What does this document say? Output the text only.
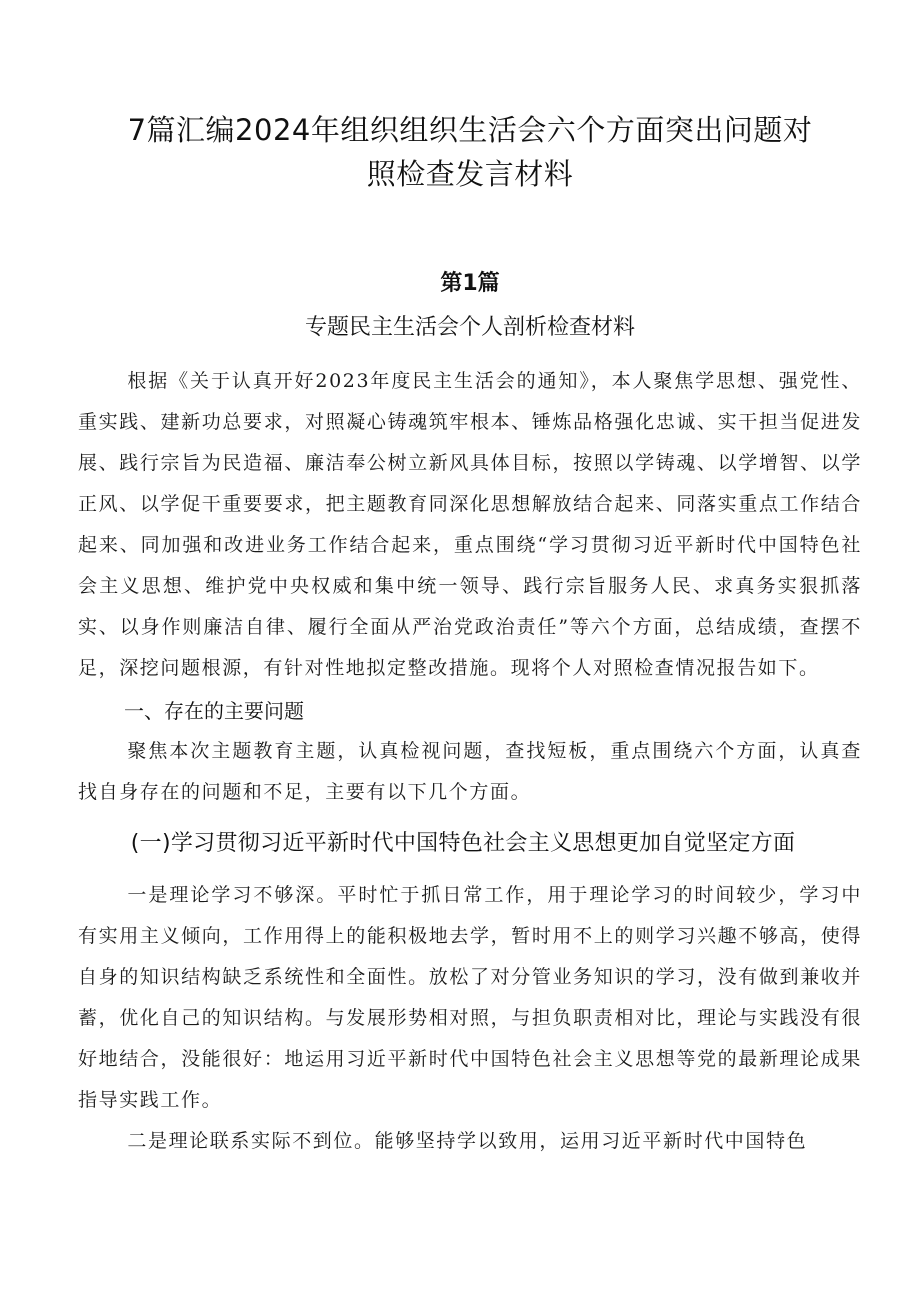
7篇汇编2024年组织组织生活会六个方面突出问题对
照检查发言材料
第1篇
专题民主生活会个人剖析检查材料

根据《关于认真开好2023年度民主生活会的通知》，本人聚焦学思想、强党性、重实践、建新功总要求，对照凝心铸魂筑牢根本、锤炼品格强化忠诚、实干担当促进发展、践行宗旨为民造福、廉洁奉公树立新风具体目标，按照以学铸魂、以学增智、以学正风、以学促干重要要求，把主题教育同深化思想解放结合起来、同落实重点工作结合起来、同加强和改进业务工作结合起来，重点围绕“学习贯彻习近平新时代中国特色社会主义思想、维护党中央权威和集中统一领导、践行宗旨服务人民、求真务实狠抓落实、以身作则廉洁自律、履行全面从严治党政治责任”等六个方面，总结成绩，查摆不足，深挖问题根源，有针对性地拟定整改措施。现将个人对照检查情况报告如下。

一、存在的主要问题

聚焦本次主题教育主题，认真检视问题，查找短板，重点围绕六个方面，认真查找自身存在的问题和不足，主要有以下几个方面。

(一)学习贯彻习近平新时代中国特色社会主义思想更加自觉坚定方面

一是理论学习不够深。平时忙于抓日常工作，用于理论学习的时间较少，学习中有实用主义倾向，工作用得上的能积极地去学，暂时用不上的则学习兴趣不够高，使得自身的知识结构缺乏系统性和全面性。放松了对分管业务知识的学习，没有做到兼收并蓄，优化自己的知识结构。与发展形势相对照，与担负职责相对比，理论与实践没有很好地结合，没能很好：地运用习近平新时代中国特色社会主义思想等党的最新理论成果指导实践工作。

二是理论联系实际不到位。能够坚持学以致用，运用习近平新时代中国特色
